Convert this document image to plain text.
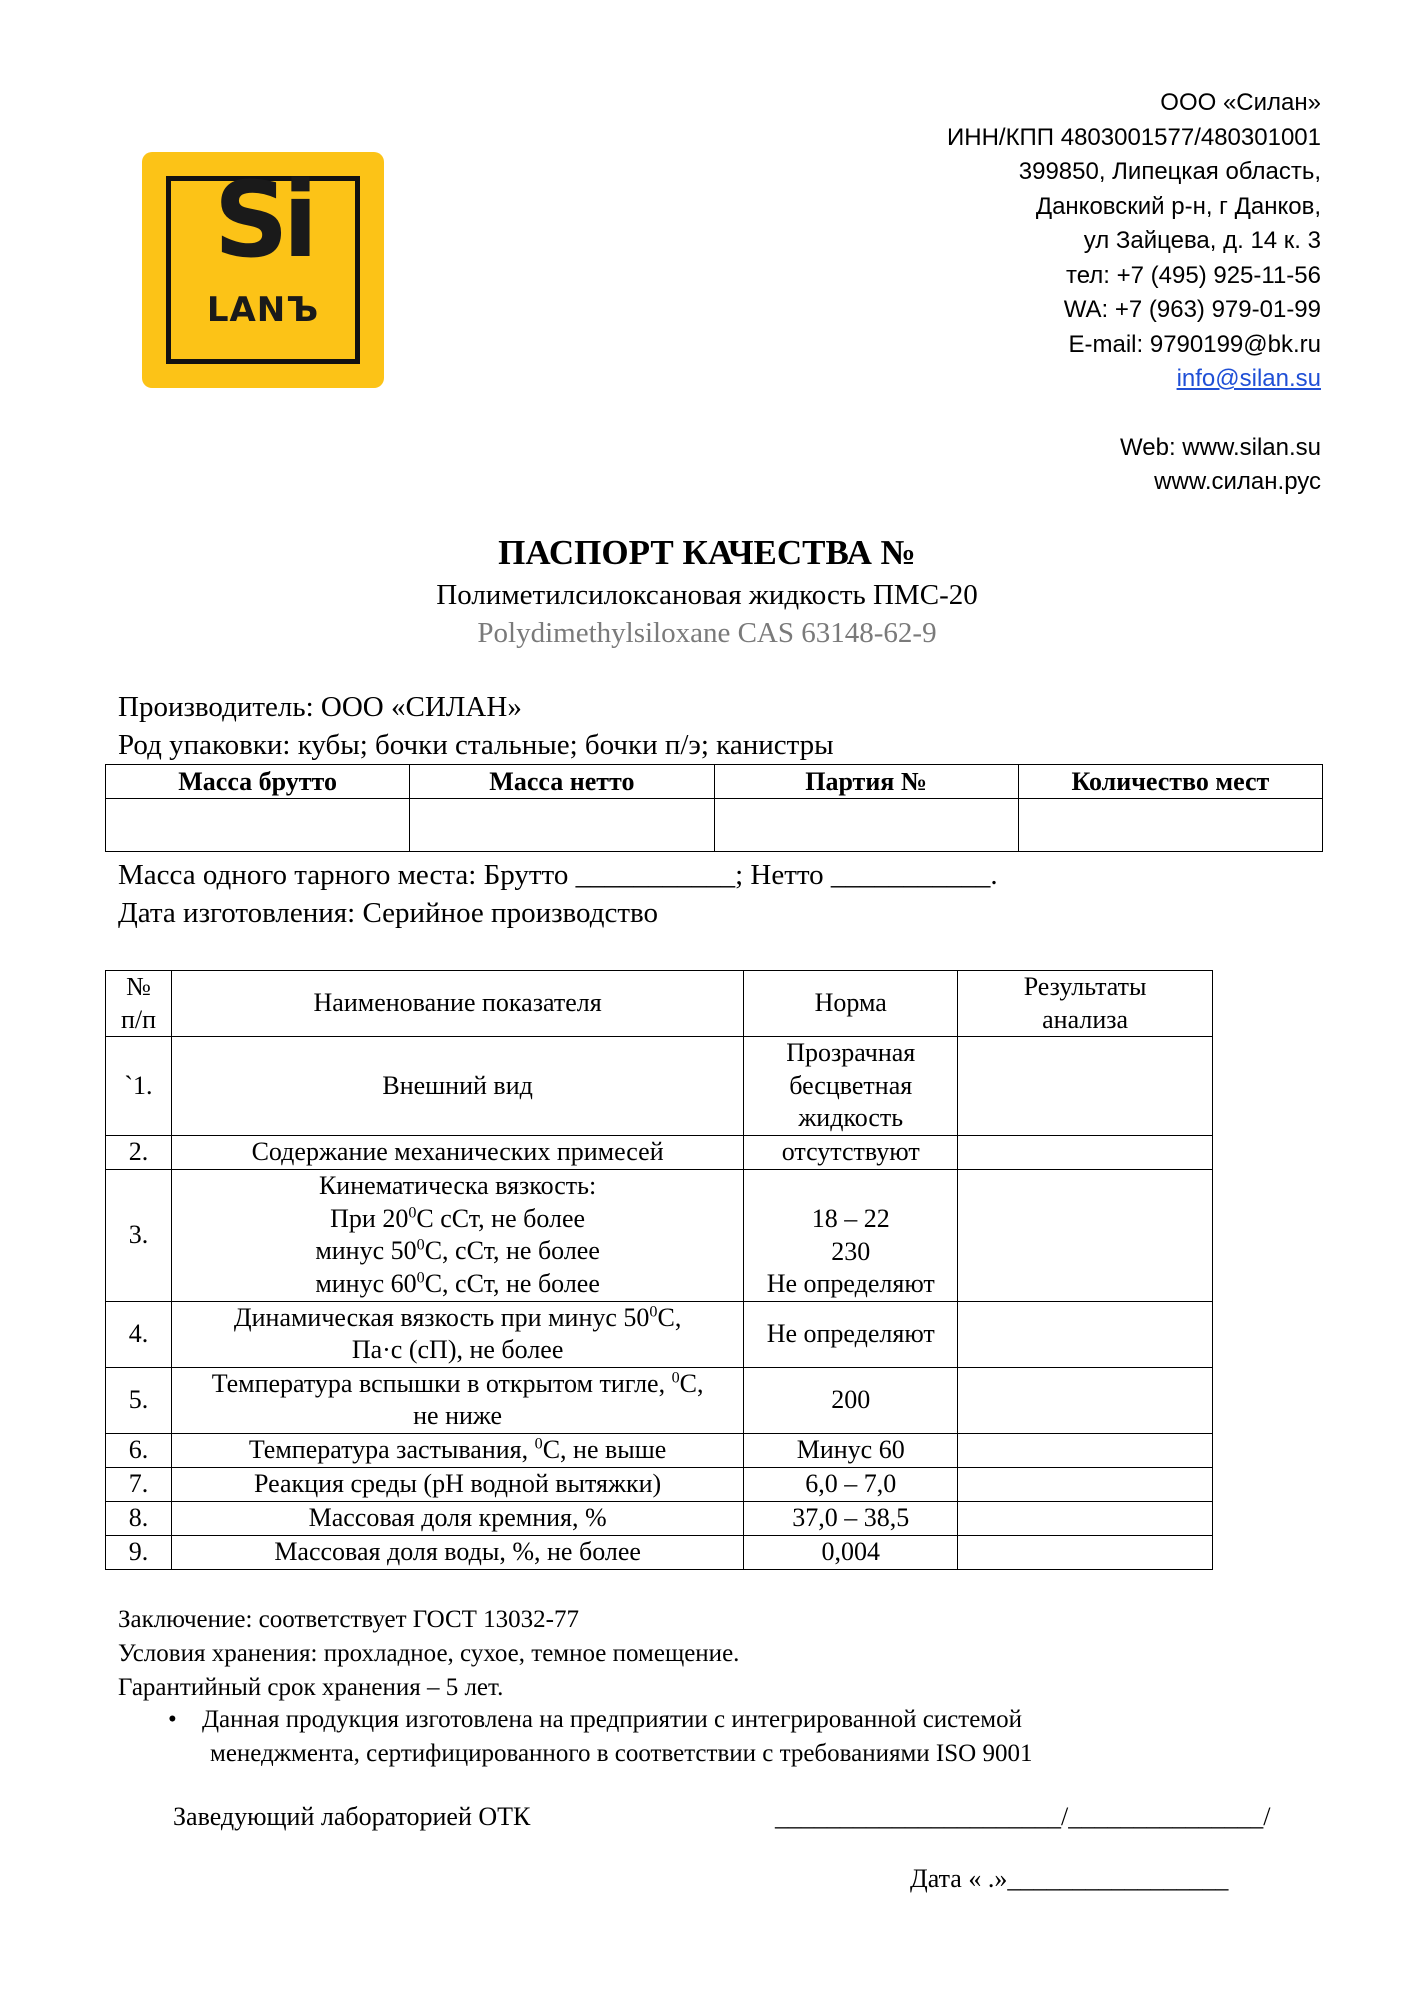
Si
LANЪ
ООО «Силан»
ИНН/КПП 4803001577/480301001
399850, Липецкая область,
Данковский р-н, г Данков,
ул Зайцева, д. 14 к. 3
тел: +7 (495) 925-11-56
WA: +7 (963) 979-01-99
E-mail: 9790199@bk.ru
info@silan.su
Web: www.silan.su
www.силан.рус
ПАСПОРТ КАЧЕСТВА №
Полиметилсилоксановая жидкость ПМС-20
Polydimethylsiloxane CAS 63148-62-9
Производитель: ООО «СИЛАН»
Род упаковки: кубы; бочки стальные; бочки п/э; канистры
Масса брутто	Масса нетто	Партия №	Количество мест

Масса одного тарного места: Брутто ___________; Нетто ___________.
Дата изготовления: Серийное производство
№
п/п	Наименование показателя	Норма	Результаты
анализа
`1.	Внешний вид	Прозрачная
бесцветная
жидкость	
2.	Содержание механических примесей	отсутствуют	
3.	Кинематическа вязкость:
При $20^0С$ сСт, не более
минус $50^0С$, сСт, не более
минус $60^0С$, сСт, не более	18 – 22
230
Не определяют	
4.	Динамическая вязкость при минус $50^0С$,
Па·с (сП), не более	Не определяют	
5.	Температура вспышки в открытом тигле, $^0$С,
не ниже	200	
6.	Температура застывания, $^0$С, не выше	Минус 60	
7.	Реакция среды (рН водной вытяжки)	6,0 – 7,0	
8.	Массовая доля кремния, %	37,0 – 38,5	
9.	Массовая доля воды, %, не более	0,004	
Заключение: соответствует ГОСТ 13032-77
Условия хранения: прохладное, сухое, темное помещение.
Гарантийный срок хранения – 5 лет.
• Данная продукция изготовлена на предприятии с интегрированной системой
менеджмента, сертифицированного в соответствии с требованиями ISO 9001
Заведующий лабораторией ОТК	______________________/_______________/
Дата « .»_________________
